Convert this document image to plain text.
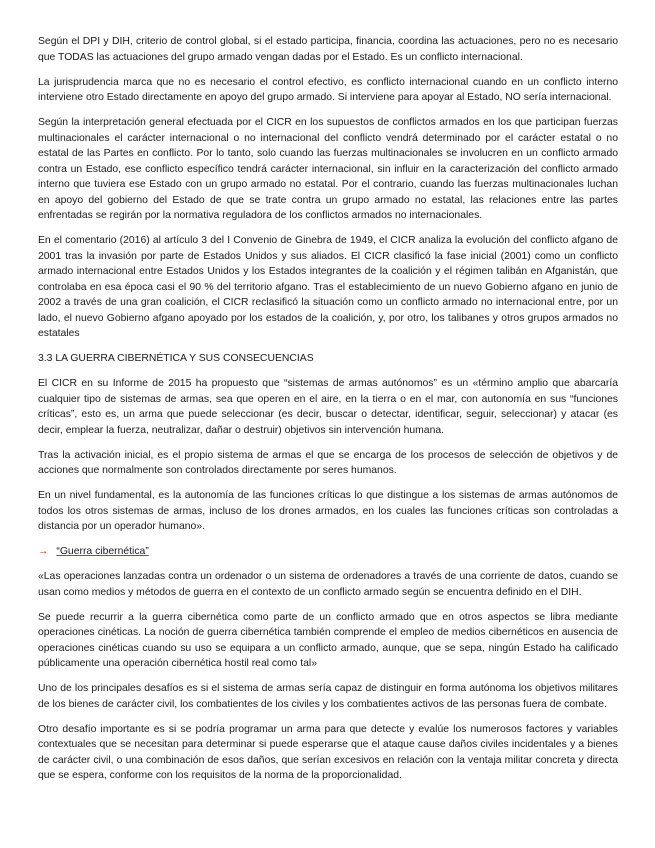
Según el DPI y DIH, criterio de control global, si el estado participa, financia, coordina las actuaciones, pero no es necesario que TODAS las actuaciones del grupo armado vengan dadas por el Estado. Es un conflicto internacional.

La jurisprudencia marca que no es necesario el control efectivo, es conflicto internacional cuando en un conflicto interno interviene otro Estado directamente en apoyo del grupo armado. Si interviene para apoyar al Estado, NO sería internacional.

Según la interpretación general efectuada por el CICR en los supuestos de conflictos armados en los que participan fuerzas multinacionales el carácter internacional o no internacional del conflicto vendrá determinado por el carácter estatal o no estatal de las Partes en conflicto. Por lo tanto, solo cuando las fuerzas multinacionales se involucren en un conflicto armado contra un Estado, ese conflicto específico tendrá carácter internacional, sin influir en la caracterización del conflicto armado interno que tuviera ese Estado con un grupo armado no estatal. Por el contrario, cuando las fuerzas multinacionales luchan en apoyo del gobierno del Estado de que se trate contra un grupo armado no estatal, las relaciones entre las partes enfrentadas se regirán por la normativa reguladora de los conflictos armados no internacionales.

En el comentario (2016) al artículo 3 del I Convenio de Ginebra de 1949, el CICR analiza la evolución del conflicto afgano de 2001 tras la invasión por parte de Estados Unidos y sus aliados. El CICR clasificó la fase inicial (2001) como un conflicto armado internacional entre Estados Unidos y los Estados integrantes de la coalición y el régimen talibán en Afganistán, que controlaba en esa época casi el 90 % del territorio afgano. Tras el establecimiento de un nuevo Gobierno afgano en junio de 2002 a través de una gran coalición, el CICR reclasificó la situación como un conflicto armado no internacional entre, por un lado, el nuevo Gobierno afgano apoyado por los estados de la coalición, y, por otro, los talibanes y otros grupos armados no estatales

3.3 LA GUERRA CIBERNÉTICA Y SUS CONSECUENCIAS

El CICR en su Informe de 2015 ha propuesto que “sistemas de armas autónomos” es un «término amplio que abarcaría cualquier tipo de sistemas de armas, sea que operen en el aire, en la tierra o en el mar, con autonomía en sus “funciones críticas”, esto es, un arma que puede seleccionar (es decir, buscar o detectar, identificar, seguir, seleccionar) y atacar (es decir, emplear la fuerza, neutralizar, dañar o destruir) objetivos sin intervención humana.

Tras la activación inicial, es el propio sistema de armas el que se encarga de los procesos de selección de objetivos y de acciones que normalmente son controlados directamente por seres humanos.

En un nivel fundamental, es la autonomía de las funciones críticas lo que distingue a los sistemas de armas autónomos de todos los otros sistemas de armas, incluso de los drones armados, en los cuales las funciones críticas son controladas a distancia por un operador humano».

→ “Guerra cibernética”

«Las operaciones lanzadas contra un ordenador o un sistema de ordenadores a través de una corriente de datos, cuando se usan como medios y métodos de guerra en el contexto de un conflicto armado según se encuentra definido en el DIH.

Se puede recurrir a la guerra cibernética como parte de un conflicto armado que en otros aspectos se libra mediante operaciones cinéticas. La noción de guerra cibernética también comprende el empleo de medios cibernéticos en ausencia de operaciones cinéticas cuando su uso se equipara a un conflicto armado, aunque, que se sepa, ningún Estado ha calificado públicamente una operación cibernética hostil real como tal»

Uno de los principales desafíos es si el sistema de armas sería capaz de distinguir en forma autónoma los objetivos militares de los bienes de carácter civil, los combatientes de los civiles y los combatientes activos de las personas fuera de combate.

Otro desafío importante es si se podría programar un arma para que detecte y evalúe los numerosos factores y variables contextuales que se necesitan para determinar si puede esperarse que el ataque cause daños civiles incidentales y a bienes de carácter civil, o una combinación de esos daños, que serían excesivos en relación con la ventaja militar concreta y directa que se espera, conforme con los requisitos de la norma de la proporcionalidad.
